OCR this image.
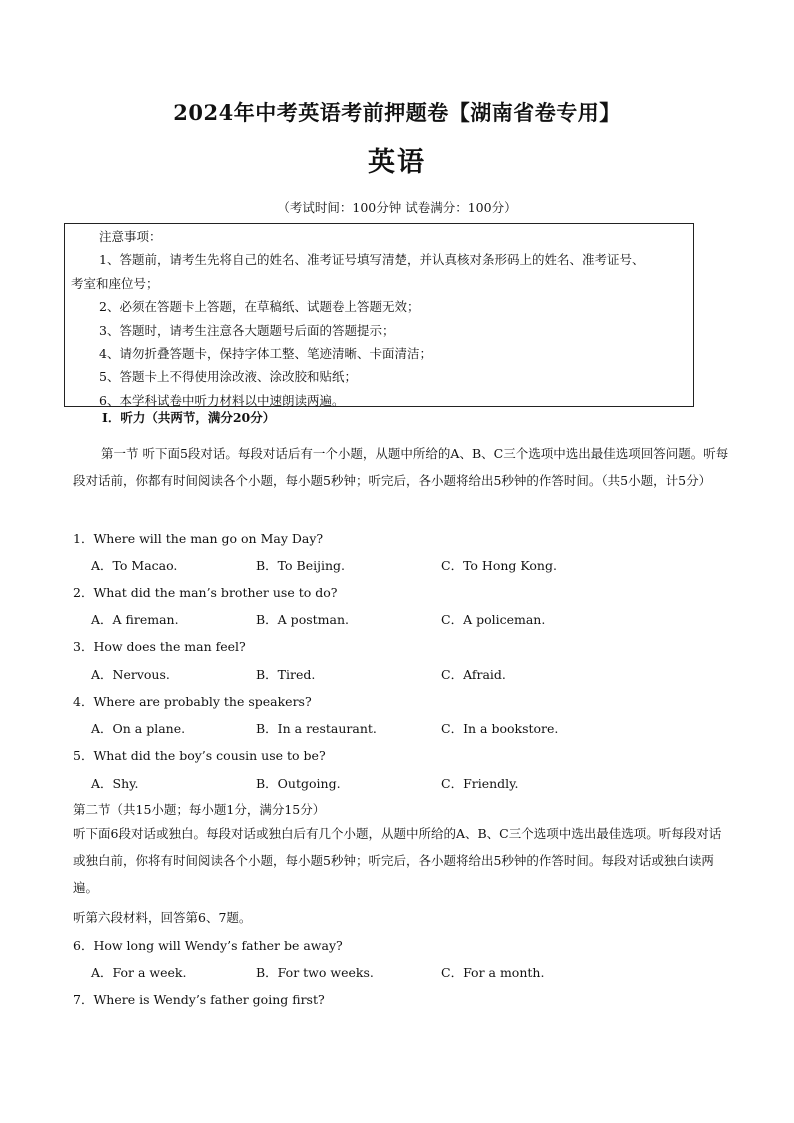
2024年中考英语考前押题卷【湖南省卷专用】
英语
（考试时间：100分钟 试卷满分：100分）
注意事项：
1、答题前，请考生先将自己的姓名、准考证号填写清楚，并认真核对条形码上的姓名、准考证号、
考室和座位号；
2、必须在答题卡上答题，在草稿纸、试题卷上答题无效；
3、答题时，请考生注意各大题题号后面的答题提示；
4、请勿折叠答题卡，保持字体工整、笔迹清晰、卡面清洁；
5、答题卡上不得使用涂改液、涂改胶和贴纸；
6、本学科试卷中听力材料以中速朗读两遍。
I．听力（共两节，满分20分）
第一节 听下面5段对话。每段对话后有一个小题，从题中所给的A、B、C三个选项中选出最佳选项回答问题。听每段对话前，你都有时间阅读各个小题，每小题5秒钟；听完后，各小题将给出5秒钟的作答时间。（共5小题，计5分）
1．Where will the man go on May Day?
A．To Macao.	B．To Beijing.	C．To Hong Kong.
2．What did the man’s brother use to do?
A．A fireman.	B．A postman.	C．A policeman.
3．How does the man feel?
A．Nervous.	B．Tired.	C．Afraid.
4．Where are probably the speakers?
A．On a plane.	B．In a restaurant.	C．In a bookstore.
5．What did the boy’s cousin use to be?
A．Shy.	B．Outgoing.	C．Friendly.
第二节（共15小题；每小题1分，满分15分）
听下面6段对话或独白。每段对话或独白后有几个小题，从题中所给的A、B、C三个选项中选出最佳选项。听每段对话或独白前，你将有时间阅读各个小题，每小题5秒钟；听完后，各小题将给出5秒钟的作答时间。每段对话或独白读两遍。
听第六段材料，回答第6、7题。
6．How long will Wendy’s father be away?
A．For a week.	B．For two weeks.	C．For a month.
7．Where is Wendy’s father going first?
